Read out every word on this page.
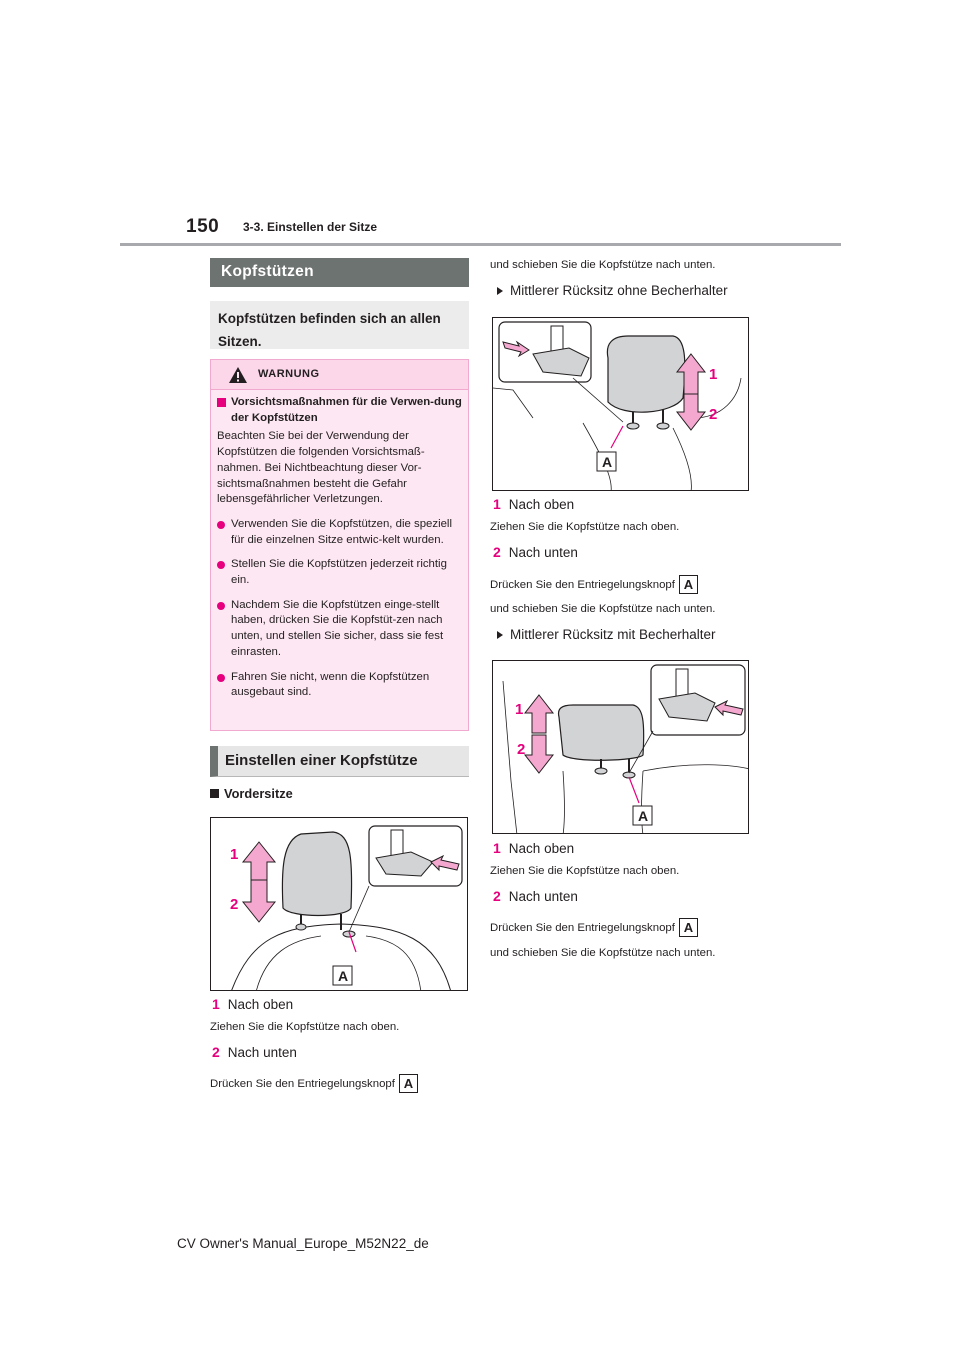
150 3-3. Einstellen der Sitze
Kopfstützen
Kopfstützen befinden sich an allen Sitzen.
WARNUNG
Vorsichtsmaßnahmen für die Verwen-dung der Kopfstützen
Beachten Sie bei der Verwendung der Kopfstützen die folgenden Vorsichtsmaß-nahmen. Bei Nichtbeachtung dieser Vor-sichtsmaßnahmen besteht die Gefahr lebensgefährlicher Verletzungen.
Verwenden Sie die Kopfstützen, die speziell für die einzelnen Sitze entwic-kelt wurden.
Stellen Sie die Kopfstützen jederzeit richtig ein.
Nachdem Sie die Kopfstützen einge-stellt haben, drücken Sie die Kopfstüt-zen nach unten, und stellen Sie sicher, dass sie fest einrasten.
Fahren Sie nicht, wenn die Kopfstützen ausgebaut sind.
Einstellen einer Kopfstütze
Vordersitze
1
2
A
1 Nach oben
Ziehen Sie die Kopfstütze nach oben.
2 Nach unten
Drücken Sie den Entriegelungsknopf A
und schieben Sie die Kopfstütze nach unten.
Mittlerer Rücksitz ohne Becherhalter
1
2
A
1 Nach oben
Ziehen Sie die Kopfstütze nach oben.
2 Nach unten
Drücken Sie den Entriegelungsknopf A
und schieben Sie die Kopfstütze nach unten.
Mittlerer Rücksitz mit Becherhalter
1
2
A
1 Nach oben
Ziehen Sie die Kopfstütze nach oben.
2 Nach unten
Drücken Sie den Entriegelungsknopf A
und schieben Sie die Kopfstütze nach unten.
CV Owner's Manual_Europe_M52N22_de
